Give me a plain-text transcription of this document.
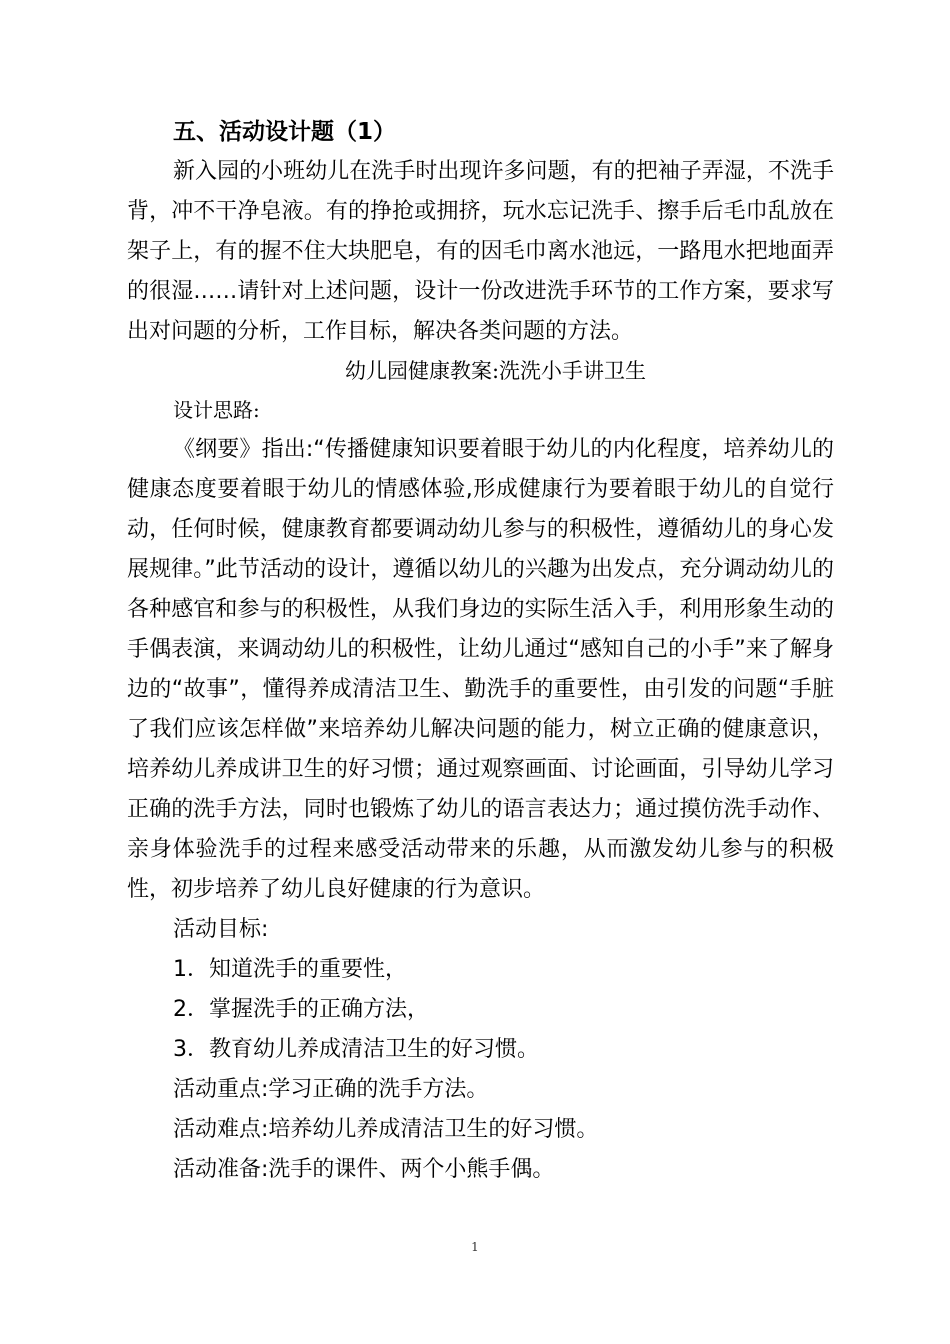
五、活动设计题（1）
新入园的小班幼儿在洗手时出现许多问题，有的把袖子弄湿，不洗手背，冲不干净皂液。有的挣抢或拥挤，玩水忘记洗手、擦手后毛巾乱放在架子上，有的握不住大块肥皂，有的因毛巾离水池远，一路甩水把地面弄的很湿……请针对上述问题，设计一份改进洗手环节的工作方案，要求写出对问题的分析，工作目标，解决各类问题的方法。
幼儿园健康教案:洗洗小手讲卫生
设计思路:
《纲要》指出:“传播健康知识要着眼于幼儿的内化程度，培养幼儿的健康态度要着眼于幼儿的情感体验,形成健康行为要着眼于幼儿的自觉行动，任何时候，健康教育都要调动幼儿参与的积极性，遵循幼儿的身心发展规律。”此节活动的设计，遵循以幼儿的兴趣为出发点，充分调动幼儿的各种感官和参与的积极性，从我们身边的实际生活入手，利用形象生动的手偶表演，来调动幼儿的积极性，让幼儿通过“感知自己的小手”来了解身边的“故事”，懂得养成清洁卫生、勤洗手的重要性，由引发的问题“手脏了我们应该怎样做”来培养幼儿解决问题的能力，树立正确的健康意识，培养幼儿养成讲卫生的好习惯；通过观察画面、讨论画面，引导幼儿学习正确的洗手方法，同时也锻炼了幼儿的语言表达力；通过摸仿洗手动作、亲身体验洗手的过程来感受活动带来的乐趣，从而激发幼儿参与的积极性，初步培养了幼儿良好健康的行为意识。
活动目标:
1．知道洗手的重要性，
2．掌握洗手的正确方法，
3．教育幼儿养成清洁卫生的好习惯。
活动重点:学习正确的洗手方法。
活动难点:培养幼儿养成清洁卫生的好习惯。
活动准备:洗手的课件、两个小熊手偶。
1
